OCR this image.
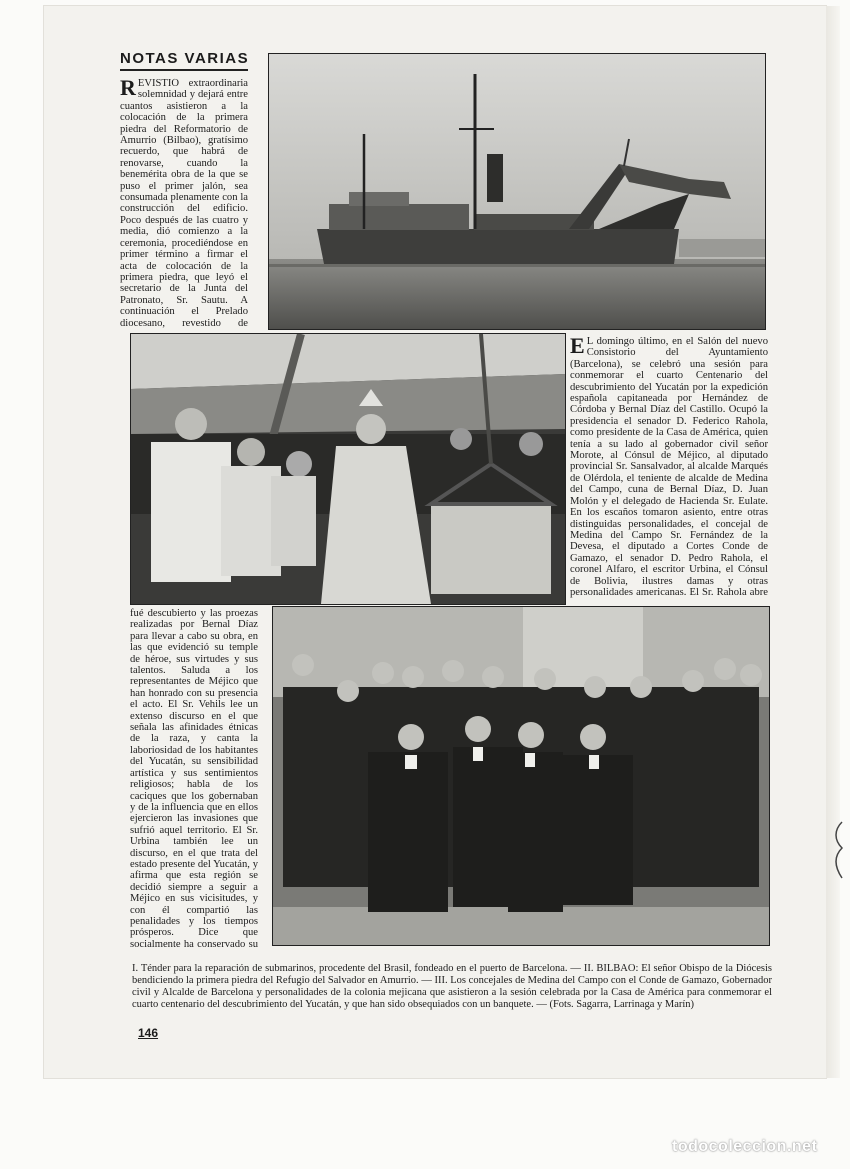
NOTAS VARIAS
REVISTIÓ extraordinaria solemnidad y dejará entre cuantos asistieron a la colocación de la primera piedra del Reformatorio de Amurrio (Bilbao), gratísimo recuerdo, que habrá de renovarse, cuando la benemérita obra de la que se puso el primer jalón, sea consumada plenamente con la construcción del edificio. Poco después de las cuatro y media, dió comienzo a la ceremonia, procediéndose en primer término a firmar el acta de colocación de la primera piedra, que leyó el secretario de la Junta del Patronato, Sr. Sautu. A continuación el Prelado diocesano, revestido de
E L domingo último, en el Salón del nuevo Consistorio del Ayuntamiento (Barcelona), se celebró una sesión para conmemorar el cuarto Centenario del descubrimiento del Yucatán por la expedición española capitaneada por Hernández de Córdoba y Bernal Díaz del Castillo. Ocupó la presidencia el senador D. Federico Rahola, como presidente de la Casa de América, quien tenía a su lado al gobernador civil señor Morote, al Cónsul de Méjico, al diputado provincial Sr. Sansalvador, al alcalde Marqués de Olérdola, el teniente de alcalde de Medina del Campo, cuna de Bernal Díaz, D. Juan Molón y el delegado de Hacienda Sr. Eulate. En los escaños tomaron asiento, entre otras distinguidas personalidades, el concejal de Medina del Campo Sr. Fernández de la Devesa, el diputado a Cortes Conde de Gamazo, el senador D. Pedro Rahola, el coronel Alfaro, el escritor Urbina, el Cónsul de Bolivia, ilustres damas y otras personalidades americanas. El Sr. Rahola abre
fué descubierto y las proezas realizadas por Bernal Díaz para llevar a cabo su obra, en las que evidenció su temple de héroe, sus virtudes y sus talentos. Saluda a los representantes de Méjico que han honrado con su presencia el acto. El Sr. Vehils lee un extenso discurso en el que señala las afinidades étnicas de la raza, y canta la laboriosidad de los habitantes del Yucatán, su sensibilidad artística y sus sentimientos religiosos; habla de los caciques que los gobernaban y de la influencia que en ellos ejercieron las invasiones que sufrió aquel territorio. El Sr. Urbina también lee un discurso, en el que trata del estado presente del Yucatán, y afirma que esta región se decidió siempre a seguir a Méjico en sus vicisitudes, y con él compartió las penalidades y los tiempos prósperos. Dice que socialmente ha conservado su
I. Ténder para la reparación de submarinos, procedente del Brasil, fondeado en el puerto de Barcelona. — II. BILBAO: El señor Obispo de la Diócesis bendiciendo la primera piedra del Refugio del Salvador en Amurrio. — III. Los concejales de Medina del Campo con el Conde de Gamazo, Gobernador civil y Alcalde de Barcelona y personalidades de la colonia mejicana que asistieron a la sesión celebrada por la Casa de América para conmemorar el cuarto centenario del descubrimiento del Yucatán, y que han sido obsequiados con un banquete. — (Fots. Sagarra, Larrinaga y Marín)
146
todocoleccion.net
